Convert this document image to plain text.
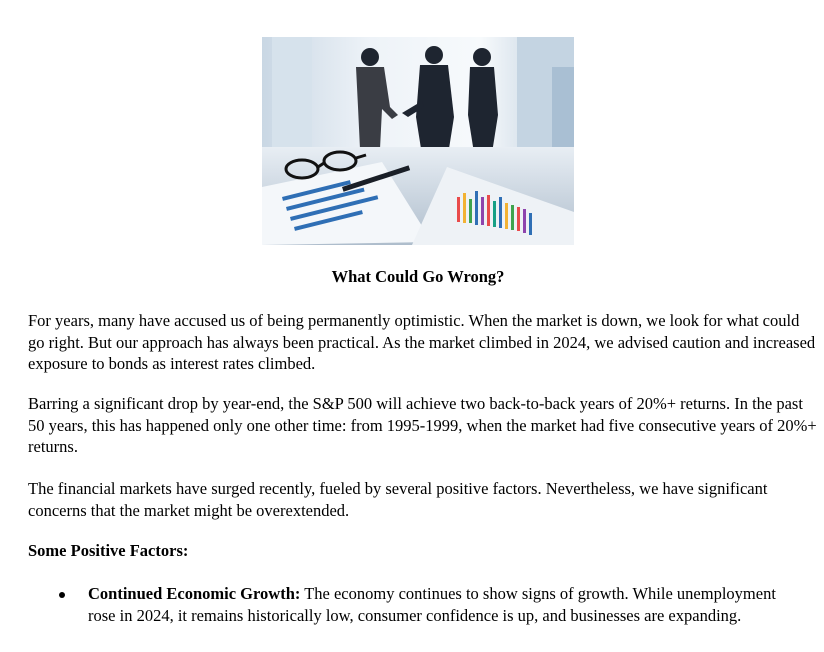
What Could Go Wrong?

For years, many have accused us of being permanently optimistic. When the market is down, we look for what could go right. But our approach has always been practical. As the market climbed in 2024, we advised caution and increased exposure to bonds as interest rates climbed.

Barring a significant drop by year-end, the S&P 500 will achieve two back-to-back years of 20%+ returns. In the past 50 years, this has happened only one other time: from 1995-1999, when the market had five consecutive years of 20%+ returns.

The financial markets have surged recently, fueled by several positive factors. Nevertheless, we have significant concerns that the market might be overextended.

Some Positive Factors:
Continued Economic Growth: The economy continues to show signs of growth. While unemployment rose in 2024, it remains historically low, consumer confidence is up, and businesses are expanding.
